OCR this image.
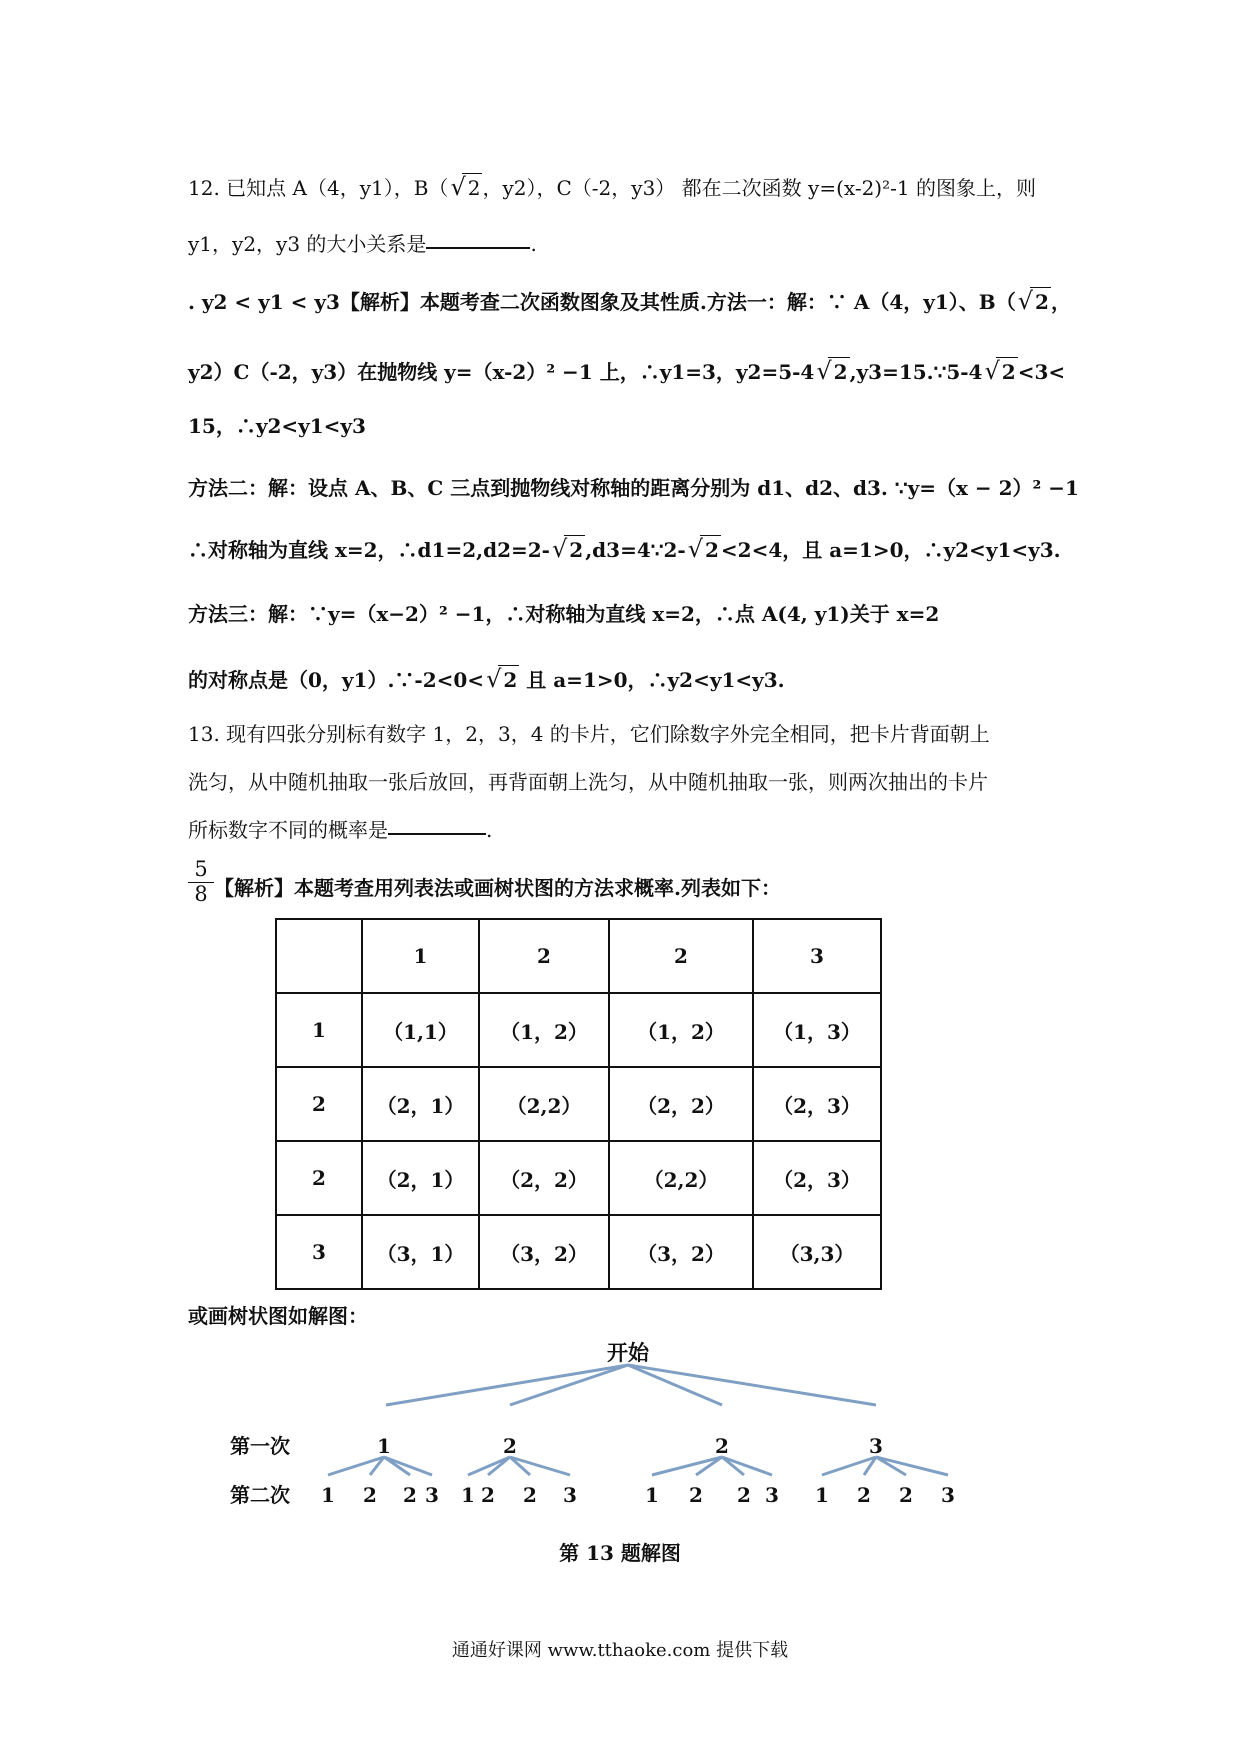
12. 已知点 A（4，y1），B（ √ 2 ，y2），C（-2，y3） 都在二次函数 y=(x-2)²-1 的图象上，则
y1，y2，y3 的大小关系是	.
. y2 < y1 < y3【解析】本题考查二次函数图象及其性质.方法一：解：∵ A（4，y1）、B（ √ 2 ，
y2）C（-2，y3）在抛物线 y=（x-2）² −1 上，∴y1=3，y2=5-4 √ 2 ,y3=15.∵5-4 √ 2 <3<
15，∴y2<y1<y3
方法二：解：设点 A、B、C 三点到抛物线对称轴的距离分别为 d1、d2、d3. ∵y=（x − 2）² −1
∴对称轴为直线 x=2，∴d1=2,d2=2- √ 2 ,d3=4∵2- √ 2 <2<4，且 a=1>0，∴y2<y1<y3.
方法三：解：∵y=（x−2）² −1，∴对称轴为直线 x=2，∴点 A(4, y1)关于 x=2
的对称点是（0，y1）.∵-2<0< √ 2 且 a=1>0，∴y2<y1<y3.
13. 现有四张分别标有数字 1，2，3，4 的卡片，它们除数字外完全相同，把卡片背面朝上
洗匀，从中随机抽取一张后放回，再背面朝上洗匀，从中随机抽取一张，则两次抽出的卡片
所标数字不同的概率是	.
$\frac{5}{8}$ 【解析】本题考查用列表法或画树状图的方法求概率.列表如下：
	1	2	2	3
1	（1,1）	（1，2）	（1，2）	（1，3）
2	（2，1）	（2,2）	（2，2）	（2，3）
2	（2，1）	（2，2）	（2,2）	（2，3）
3	（3，1）	（3，2）	（3，2）	（3,3）
或画树状图如解图：
开始
第一次
第二次
1
1 2 2 3
2
1 2 2 3
2
1 2 2 3
3
1 2 2 3
第 13 题解图
通通好课网 www.tthaoke.com 提供下载
